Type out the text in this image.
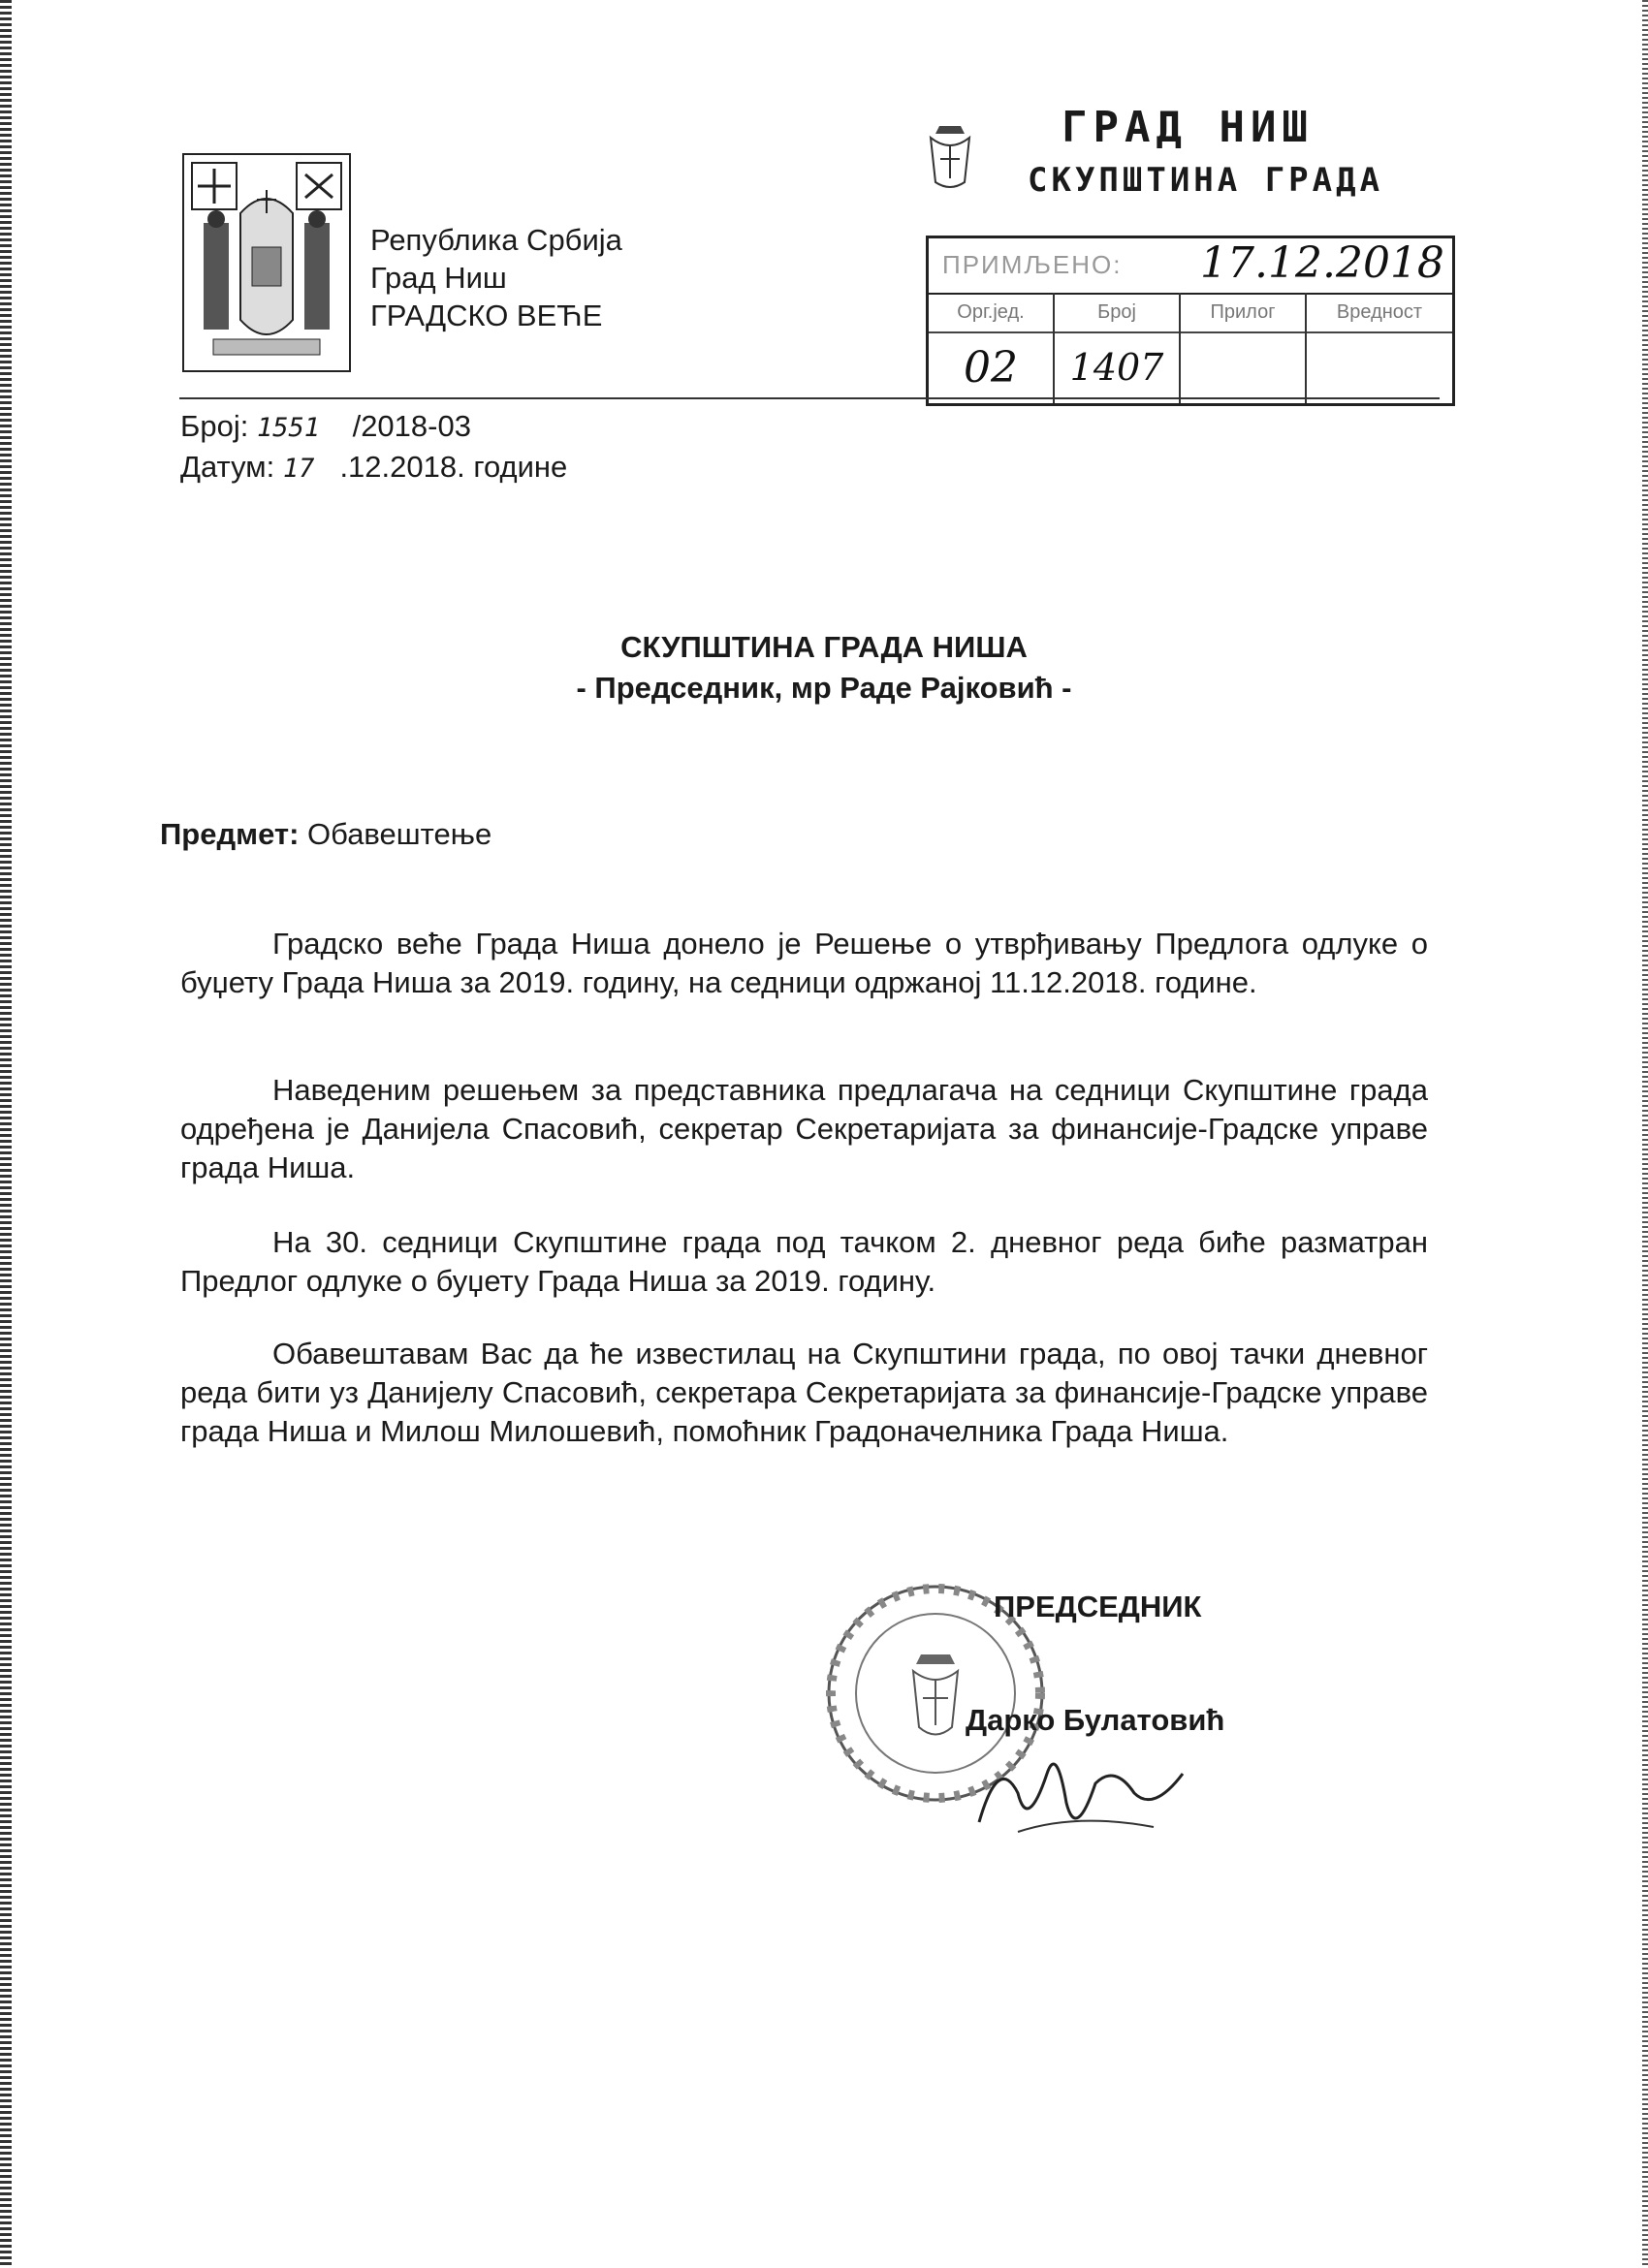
Република Србија
Град Ниш
ГРАДСКО ВЕЋЕ
ГРАД НИШ
СКУПШТИНА ГРАДА
ПРИМЉЕНО: 17.12.2018
Орг.јед.	Број	Прилог	Вредност
02	1407
Број: 1551 /2018-03
Датум: 17 .12.2018. године
СКУПШТИНА ГРАДА НИША
- Председник, мр Раде Рајковић -
Предмет: Обавештење
Градско веће Града Ниша донело је Решење о утврђивању Предлога одлуке о буџету Града Ниша за 2019. годину, на седници одржаној 11.12.2018. године.
Наведеним решењем за представника предлагача на седници Скупштине града одређена је Данијела Спасовић, секретар Секретаријата за финансије-Градске управе града Ниша.
На 30. седници Скупштине града под тачком 2. дневног реда биће разматран Предлог одлуке о буџету Града Ниша за 2019. годину.
Обавештавам Вас да ће известилац на Скупштини града, по овој тачки дневног реда бити уз Данијелу Спасовић, секретара Секретаријата за финансије-Градске управе града Ниша и Милош Милошевић, помоћник Градоначелника Града Ниша.
ПРЕДСЕДНИК
Дарко Булатовић
